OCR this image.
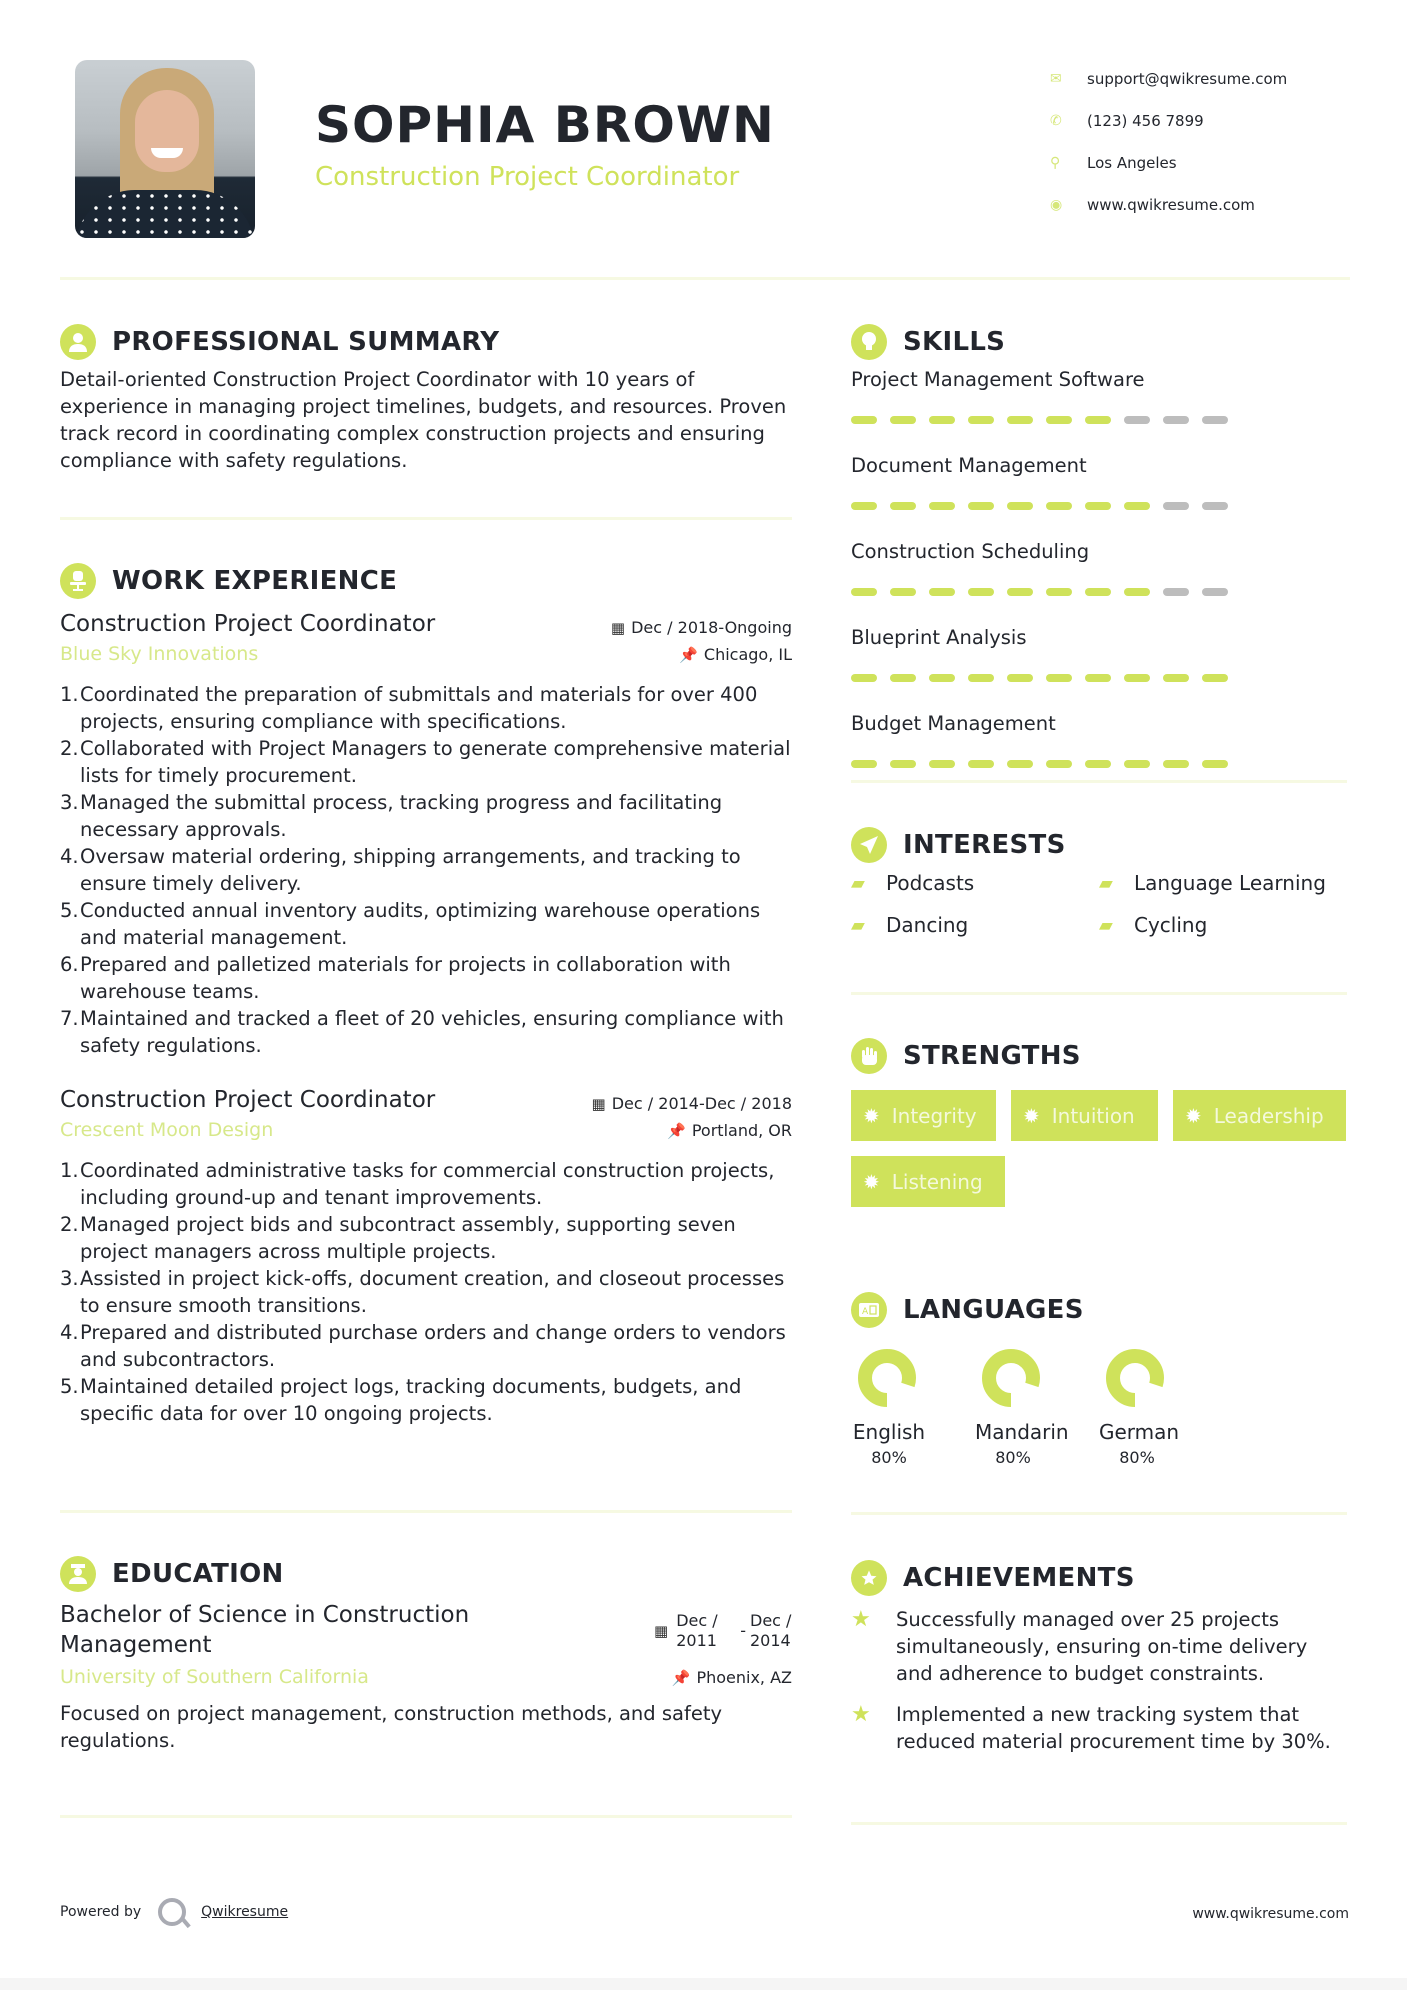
SOPHIA BROWN
Construction Project Coordinator
✉	support@qwikresume.com
✆	(123) 456 7899
⚲	Los Angeles
◉	www.qwikresume.com
PROFESSIONAL SUMMARY

Detail-oriented Construction Project Coordinator with 10 years of experience in managing project timelines, budgets, and resources. Proven track record in coordinating complex construction projects and ensuring compliance with safety regulations.

WORK EXPERIENCE
Construction Project Coordinator	▦ Dec / 2018-Ongoing
Blue Sky Innovations	📌 Chicago, IL
1. Coordinated the preparation of submittals and materials for over 400 projects, ensuring compliance with specifications.
2. Collaborated with Project Managers to generate comprehensive material lists for timely procurement.
3. Managed the submittal process, tracking progress and facilitating necessary approvals.
4. Oversaw material ordering, shipping arrangements, and tracking to ensure timely delivery.
5. Conducted annual inventory audits, optimizing warehouse operations and material management.
6. Prepared and palletized materials for projects in collaboration with warehouse teams.
7. Maintained and tracked a fleet of 20 vehicles, ensuring compliance with safety regulations.
Construction Project Coordinator	▦ Dec / 2014-Dec / 2018
Crescent Moon Design	📌 Portland, OR
1. Coordinated administrative tasks for commercial construction projects, including ground-up and tenant improvements.
2. Managed project bids and subcontract assembly, supporting seven project managers across multiple projects.
3. Assisted in project kick-offs, document creation, and closeout processes to ensure smooth transitions.
4. Prepared and distributed purchase orders and change orders to vendors and subcontractors.
5. Maintained detailed project logs, tracking documents, budgets, and specific data for over 10 ongoing projects.
EDUCATION
Bachelor of Science in Construction Management
▦
Dec / 2011
-
Dec / 2014
University of Southern California	📌 Phoenix, AZ

Focused on project management, construction methods, and safety regulations.

SKILLS
Project Management Software
Document Management
Construction Scheduling
Blueprint Analysis
Budget Management
INTERESTS
▰	Podcasts	▰	Language Learning
▰	Dancing	▰	Cycling
STRENGTHS
✹ Integrity ✹ Intuition	✹ Leadership
✹ Listening
A LANGUAGES
English
80%
Mandarin
80%
German
80%
ACHIEVEMENTS
★	Successfully managed over 25 projects simultaneously, ensuring on-time delivery and adherence to budget constraints.
★	Implemented a new tracking system that reduced material procurement time by 30%.
Powered by	Qwikresume	www.qwikresume.com
